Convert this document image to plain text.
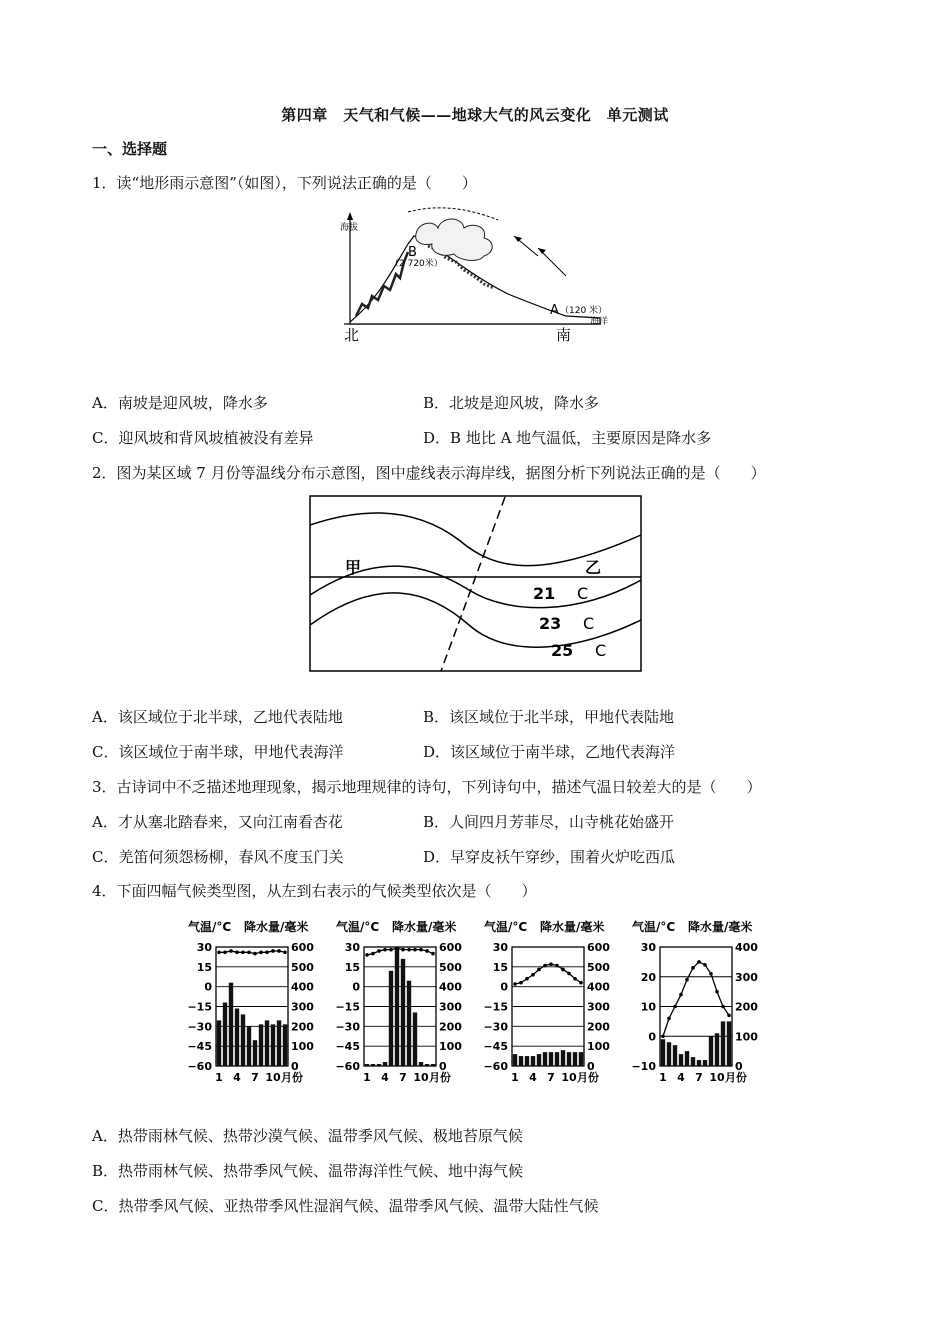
第四章　天气和气候——地球大气的风云变化　单元测试
一、选择题
1．读“地形雨示意图”（如图），下列说法正确的是（　　）
海拔
B
（2 720米）
A （120 米）
海洋
北	南
A．南坡是迎风坡，降水多	B．北坡是迎风坡，降水多
C．迎风坡和背风坡植被没有差异	D．B 地比 A 地气温低，主要原因是降水多
2．图为某区域 7 月份等温线分布示意图，图中虚线表示海岸线，据图分析下列说法正确的是（　　）
甲	乙
21 C
23 C
25 C
A．该区域位于北半球，乙地代表陆地	B．该区域位于北半球，甲地代表陆地
C．该区域位于南半球，甲地代表海洋	D．该区域位于南半球，乙地代表海洋
3．古诗词中不乏描述地理现象，揭示地理规律的诗句，下列诗句中，描述气温日较差大的是（　　）
A．才从塞北踏春来，又向江南看杏花	B．人间四月芳菲尽，山寺桃花始盛开
C．羌笛何须怨杨柳，春风不度玉门关	D．早穿皮袄午穿纱，围着火炉吃西瓜
4．下面四幅气候类型图，从左到右表示的气候类型依次是（　　）
气温/°C 降水量/毫米
30	600
15	500
0	400
−15	300
−30	200
−45	100
−60	0
1 4 7 10 月份
气温/°C 降水量/毫米
30	600
15	500
0	400
−15	300
−30	200
−45	100
−60	0
1 4 7 10 月份
气温/°C 降水量/毫米
30	600
15	500
0	400
−15	300
−30	200
−45	100
−60	0
1 4 7 10 月份
气温/°C 降水量/毫米
30	400
20	300
10	200
0	100
−10	0
1 4 7 10 月份
A．热带雨林气候、热带沙漠气候、温带季风气候、极地苔原气候
B．热带雨林气候、热带季风气候、温带海洋性气候、地中海气候
C．热带季风气候、亚热带季风性湿润气候、温带季风气候、温带大陆性气候
